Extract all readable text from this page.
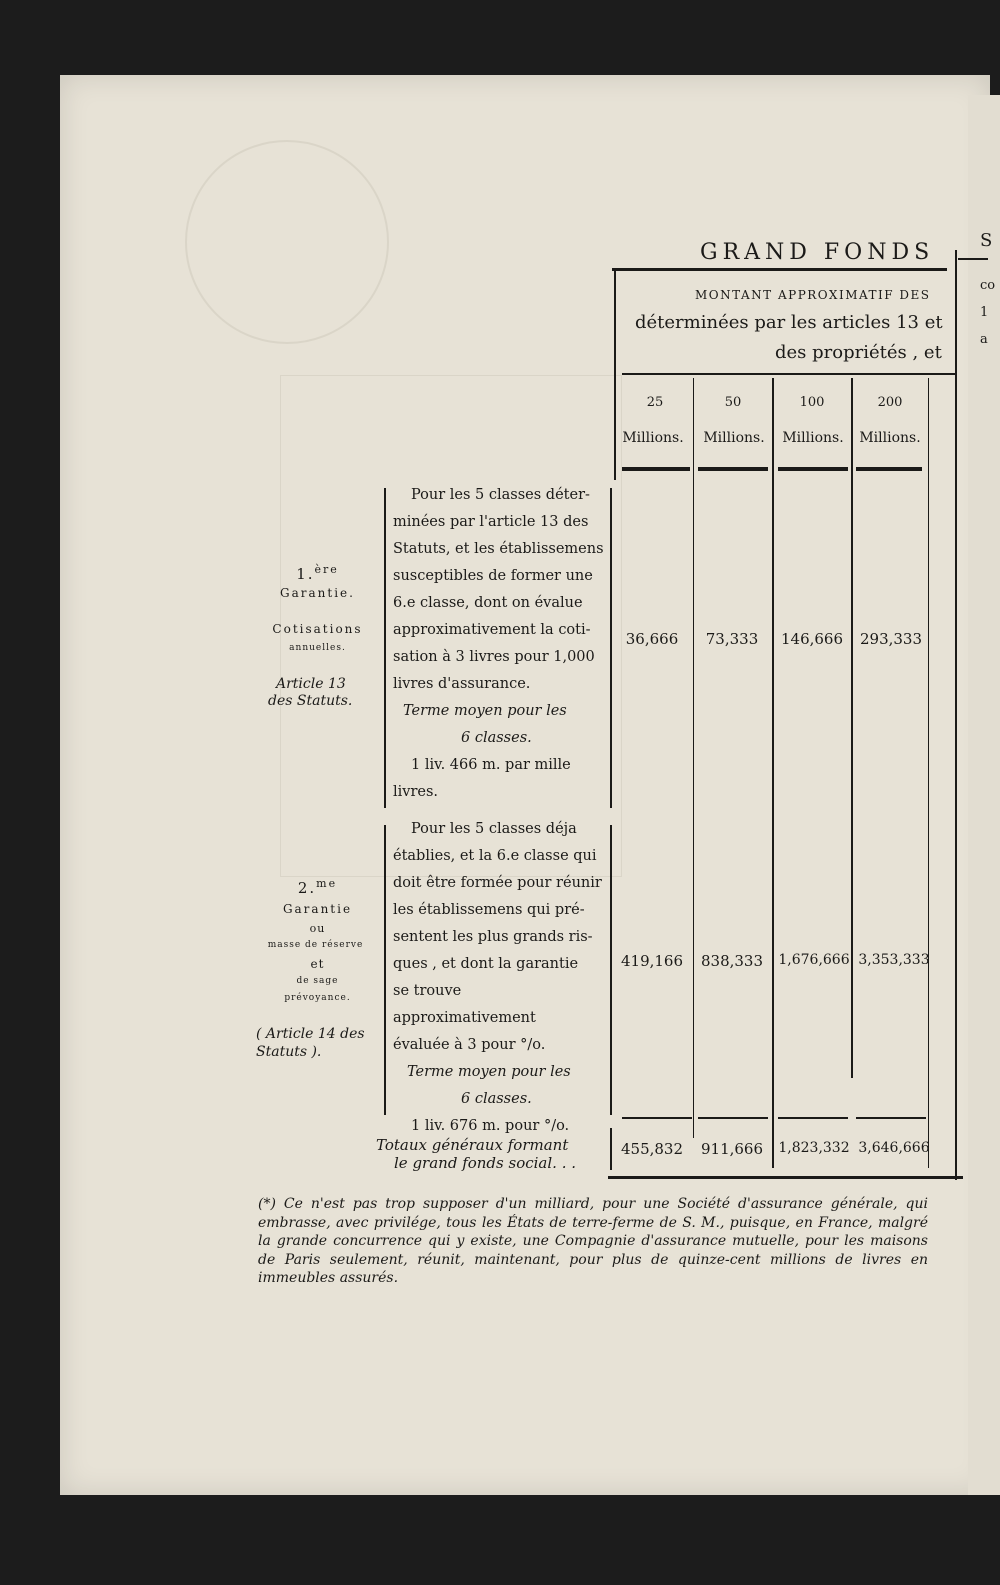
GRAND FONDS	S
co
1
a
MONTANT APPROXIMATIF DES
déterminées par les articles 13 et
des propriétés , et
25	50	100	200
Millions.	Millions.	Millions.	Millions.
1.$^{ère}$
Garantie.
Cotisations
annuelles.
Article 13
des Statuts.
Pour les 5 classes déter-
minées par l'article 13 des
Statuts, et les établissemens
susceptibles de former une
6.e classe, dont on évalue
approximativement la coti-
sation à 3 livres pour 1,000
livres d'assurance.
Terme moyen pour les
6 classes.
1 liv. 466 m. par mille
livres.
36,666	73,333	146,666	293,333
2.$^{me}$
Garantie
ou
masse de réserve
et
de sage
prévoyance.
( Article 14 des
Statuts ).
Pour les 5 classes déja
établies, et la 6.e classe qui
doit être formée pour réunir
les établissemens qui pré-
sentent les plus grands ris-
ques , et dont la garantie
se trouve approximativement
évaluée à 3 pour °/o.
Terme moyen pour les
6 classes.
1 liv. 676 m. pour °/o.
419,166	838,333	1,676,666 3,353,333
Totaux généraux formant
le grand fonds social. . .
455,832	911,666	1,823,332 3,646,666
(*) Ce n'est pas trop supposer d'un milliard, pour une Société d'assurance générale, qui embrasse, avec privilége, tous les États de terre-ferme de S. M., puisque, en France, malgré la grande concurrence qui y existe, une Compagnie d'assurance mutuelle, pour les maisons de Paris seulement, réunit, maintenant, pour plus de quinze-cent millions de livres en immeubles assurés.
